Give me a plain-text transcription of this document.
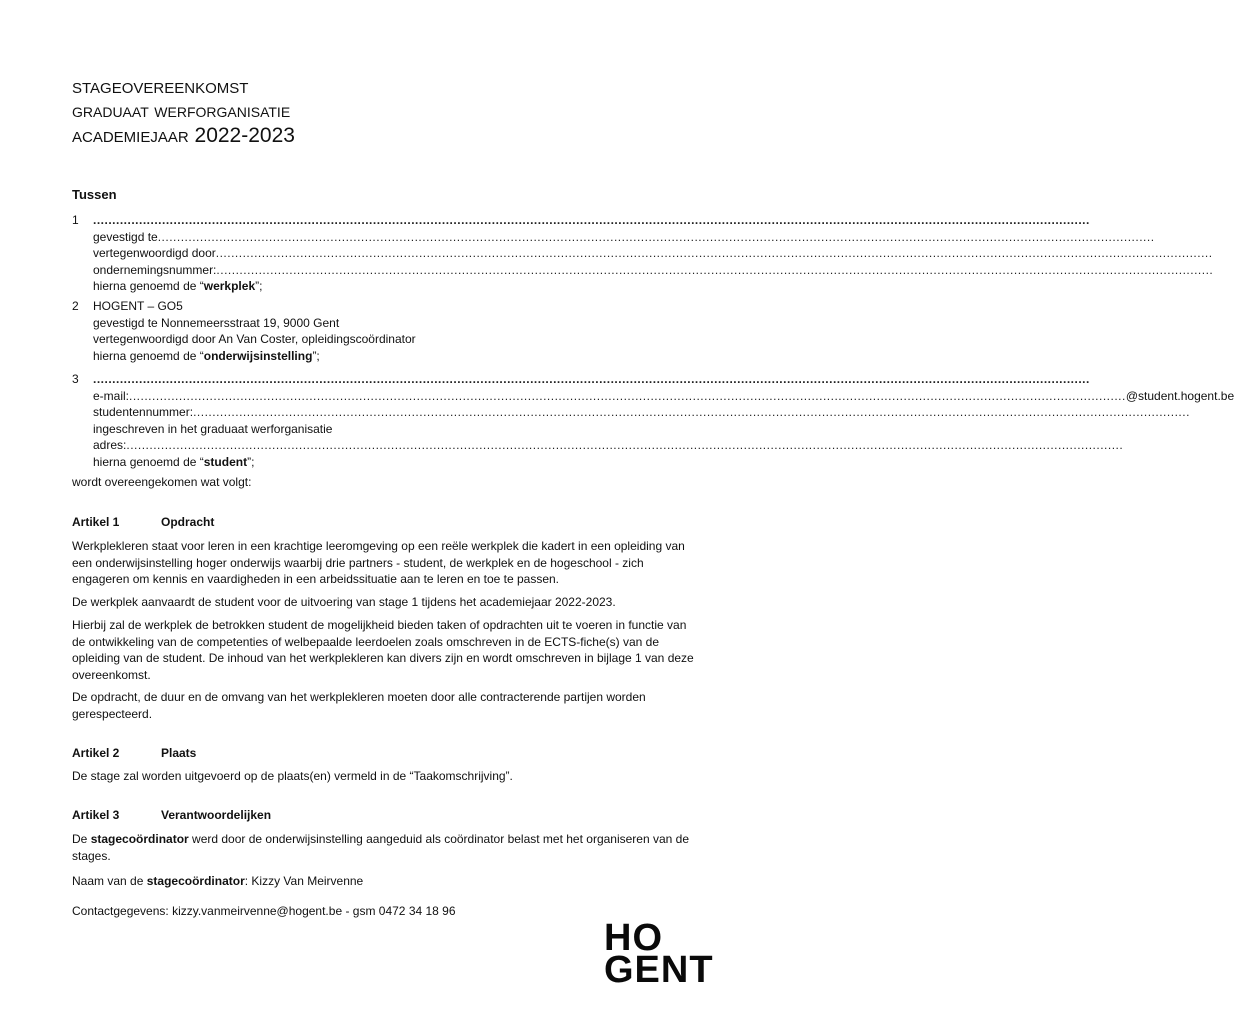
stageovereenkomst
graduaat werforganisatie
academiejaar 2022-2023
Tussen
1 ....................................................................................................................................................................................................................................................................
gevestigd te ....................................................................................................................................................................................................................................................................
vertegenwoordigd door ....................................................................................................................................................................................................................................................................
ondernemingsnummer: ....................................................................................................................................................................................................................................................................
hierna genoemd de “werkplek”;
2 HOGENT – GO5
gevestigd te Nonnemeersstraat 19, 9000 Gent
vertegenwoordigd door An Van Coster, opleidingscoördinator
hierna genoemd de “onderwijsinstelling”;
3 ....................................................................................................................................................................................................................................................................
e-mail: .................................................................................................................................................................................................................................................................... @student.hogent.be
studentennummer: ....................................................................................................................................................................................................................................................................
ingeschreven in het graduaat werforganisatie
adres: ....................................................................................................................................................................................................................................................................
hierna genoemd de “student”;
wordt overeengekomen wat volgt:
Artikel 1	Opdracht
Werkplekleren staat voor leren in een krachtige leeromgeving op een reële werkplek die kadert in een opleiding van een onderwijsinstelling hoger onderwijs waarbij drie partners - student, de werkplek en de hogeschool - zich engageren om kennis en vaardigheden in een arbeidssituatie aan te leren en toe te passen.
De werkplek aanvaardt de student voor de uitvoering van stage 1 tijdens het academiejaar 2022-2023.
Hierbij zal de werkplek de betrokken student de mogelijkheid bieden taken of opdrachten uit te voeren in functie van de ontwikkeling van de competenties of welbepaalde leerdoelen zoals omschreven in de ECTS-fiche(s) van de opleiding van de student. De inhoud van het werkplekleren kan divers zijn en wordt omschreven in bijlage 1 van deze overeenkomst.
De opdracht, de duur en de omvang van het werkplekleren moeten door alle contracterende partijen worden gerespecteerd.
Artikel 2	Plaats
De stage zal worden uitgevoerd op de plaats(en) vermeld in de “Taakomschrijving”.
Artikel 3	Verantwoordelijken
De stagecoördinator werd door de onderwijsinstelling aangeduid als coördinator belast met het organiseren van de stages.
Naam van de stagecoördinator: Kizzy Van Meirvenne
Contactgegevens: kizzy.vanmeirvenne@hogent.be - gsm 0472 34 18 96
HO
GENT
